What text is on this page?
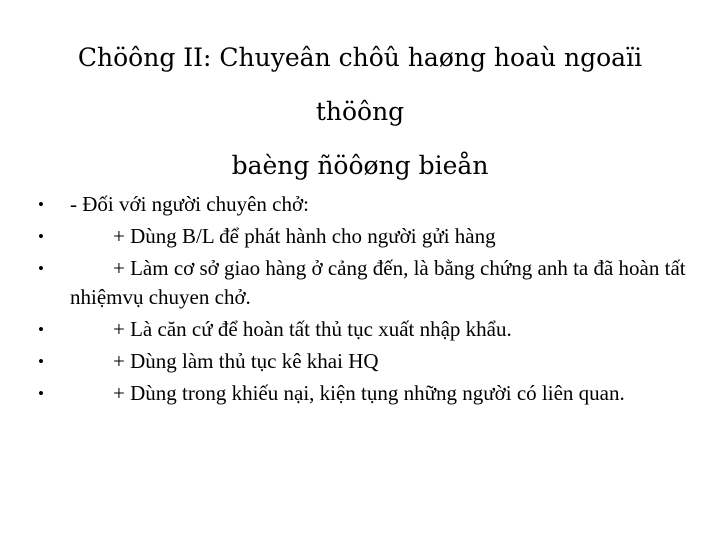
Chöông II: Chuyeân chôû haøng hoaù ngoaïi thöông
baèng ñöôøng bieån
• - Đối với người chuyên chở:
•	+ Dùng B/L để phát hành cho người gửi hàng
•	+ Làm cơ sở giao hàng ở cảng đến, là bằng chứng anh ta đã hoàn tất nhiệmvụ chuyen chở.
•	+ Là căn cứ để hoàn tất thủ tục xuất nhập khẩu.
•	+ Dùng làm thủ tục kê khai HQ
•	+ Dùng trong khiếu nại, kiện tụng những người có liên quan.
